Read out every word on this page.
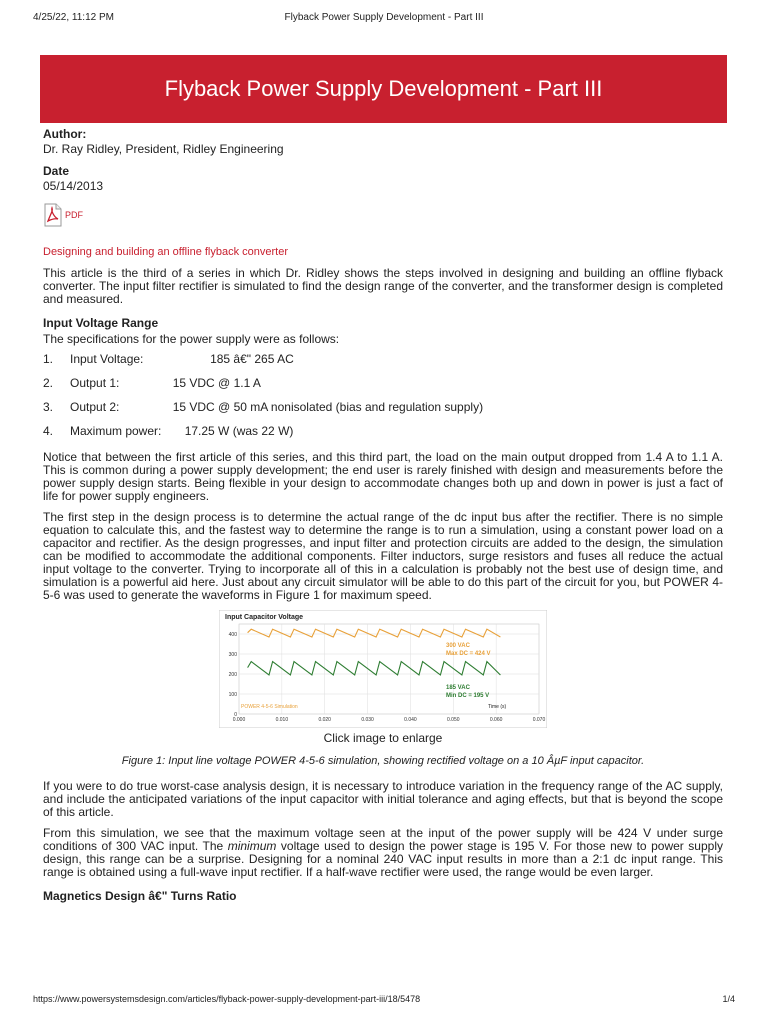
4/25/22, 11:12 PM	Flyback Power Supply Development - Part III
Flyback Power Supply Development - Part III
Author:
Dr. Ray Ridley, President, Ridley Engineering
Date
05/14/2013
PDF
Designing and building an offline flyback converter

This article is the third of a series in which Dr. Ridley shows the steps involved in designing and building an offline flyback converter. The input filter rectifier is simulated to find the design range of the converter, and the transformer design is completed and measured.

Input Voltage Range
The specifications for the power supply were as follows:
1. Input Voltage:                    185 â€" 265 AC
2. Output 1:                15 VDC @ 1.1 A
3. Output 2:                15 VDC @ 50 mA nonisolated (bias and regulation supply)
4. Maximum power:       17.25 W (was 22 W)

Notice that between the first article of this series, and this third part, the load on the main output dropped from 1.4 A to 1.1 A. This is common during a power supply development; the end user is rarely finished with design and measurements before the power supply design starts. Being flexible in your design to accommodate changes both up and down in power is just a fact of life for power supply engineers.

The first step in the design process is to determine the actual range of the dc input bus after the rectifier. There is no simple equation to calculate this, and the fastest way to determine the range is to run a simulation, using a constant power load on a capacitor and rectifier. As the design progresses, and input filter and protection circuits are added to the design, the simulation can be modified to accommodate the additional components. Filter inductors, surge resistors and fuses all reduce the actual input voltage to the converter. Trying to incorporate all of this in a calculation is probably not the best use of design time, and simulation is a powerful aid here. Just about any circuit simulator will be able to do this part of the circuit for you, but POWER 4-5-6 was used to generate the waveforms in Figure 1 for maximum speed.

Input Capacitor Voltage
0
100
200
300
400
0.000	0.010	0.020	0.030	0.040	0.050	0.060	0.070
POWER 4-5-6 Simulation	Time (s)
300 VAC
Max DC = 424 V
185 VAC
Min DC = 195 V
Click image to enlarge
Figure 1: Input line voltage POWER 4-5-6 simulation, showing rectified voltage on a 10 ÂµF input capacitor.

If you were to do true worst-case analysis design, it is necessary to introduce variation in the frequency range of the AC supply, and include the anticipated variations of the input capacitor with initial tolerance and aging effects, but that is beyond the scope of this article.

From this simulation, we see that the maximum voltage seen at the input of the power supply will be 424 V under surge conditions of 300 VAC input. The minimum voltage used to design the power stage is 195 V. For those new to power supply design, this range can be a surprise. Designing for a nominal 240 VAC input results in more than a 2:1 dc input range. This range is obtained using a full-wave input rectifier. If a half-wave rectifier were used, the range would be even larger.

Magnetics Design â€" Turns Ratio
https://www.powersystemsdesign.com/articles/flyback-power-supply-development-part-iii/18/5478	1/4
